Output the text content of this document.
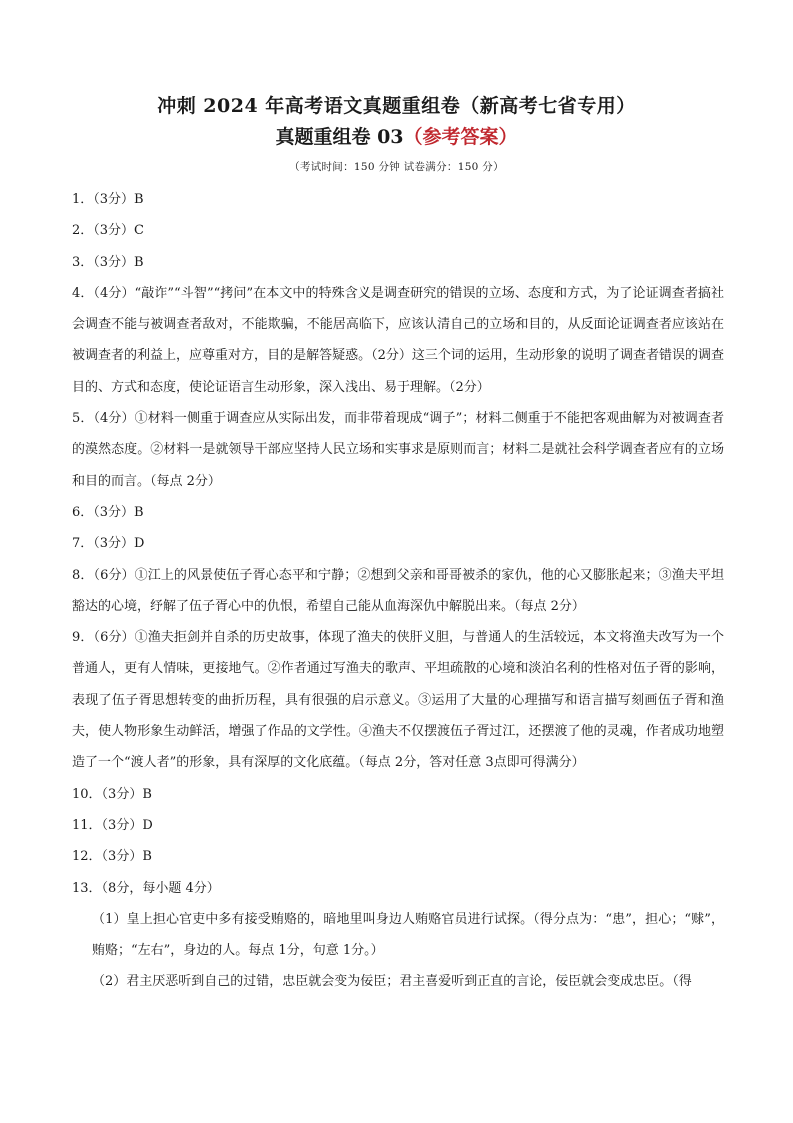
冲刺 2024 年高考语文真题重组卷（新高考七省专用）
真题重组卷 03（参考答案）
（考试时间：150 分钟 试卷满分：150 分）

1．（3分）B

2．（3分）C

3．（3分）B

4．（4分）“敲诈”“斗智”“拷问”在本文中的特殊含义是调查研究的错误的立场、态度和方式，为了论证调查者搞社会调查不能与被调查者敌对，不能欺骗，不能居高临下，应该认清自己的立场和目的，从反面论证调查者应该站在被调查者的利益上，应尊重对方，目的是解答疑惑。（2分）这三个词的运用，生动形象的说明了调查者错误的调查目的、方式和态度，使论证语言生动形象，深入浅出、易于理解。（2分）

5．（4分）①材料一侧重于调查应从实际出发，而非带着现成“调子”；材料二侧重于不能把客观曲解为对被调查者的漠然态度。②材料一是就领导干部应坚持人民立场和实事求是原则而言；材料二是就社会科学调查者应有的立场和目的而言。（每点 2分）

6．（3分）B

7．（3分）D

8．（6分）①江上的风景使伍子胥心态平和宁静；②想到父亲和哥哥被杀的家仇，他的心又膨胀起来；③渔夫平坦豁达的心境，纾解了伍子胥心中的仇恨，希望自己能从血海深仇中解脱出来。（每点 2分）

9．（6分）①渔夫拒剑并自杀的历史故事，体现了渔夫的侠肝义胆，与普通人的生活较远，本文将渔夫改写为一个普通人，更有人情味，更接地气。②作者通过写渔夫的歌声、平坦疏散的心境和淡泊名利的性格对伍子胥的影响，表现了伍子胥思想转变的曲折历程，具有很强的启示意义。③运用了大量的心理描写和语言描写刻画伍子胥和渔夫，使人物形象生动鲜活，增强了作品的文学性。④渔夫不仅摆渡伍子胥过江，还摆渡了他的灵魂，作者成功地塑造了一个“渡人者”的形象，具有深厚的文化底蕴。（每点 2分，答对任意 3点即可得满分）

10．（3分）B

11．（3分）D

12．（3分）B

13．（8分，每小题 4分）

（1）皇上担心官吏中多有接受贿赂的，暗地里叫身边人贿赂官员进行试探。（得分点为：“患”，担心；“赇”，贿赂；“左右”，身边的人。每点 1分，句意 1分。）

（2）君主厌恶听到自己的过错，忠臣就会变为佞臣；君主喜爱听到正直的言论，佞臣就会变成忠臣。（得
